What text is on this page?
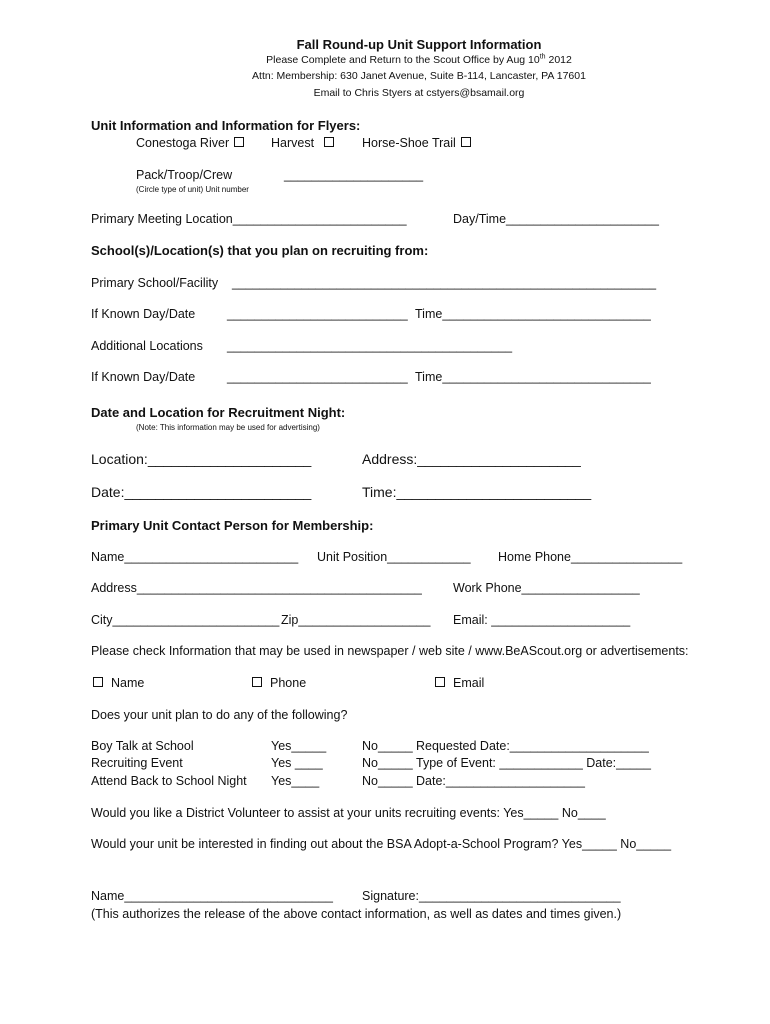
Fall Round-up Unit Support Information
Please Complete and Return to the Scout Office by Aug 10th 2012
Attn: Membership: 630 Janet Avenue, Suite B-114, Lancaster, PA 17601
Email to Chris Styers at cstyers@bsamail.org
Unit Information and Information for Flyers:
Conestoga River	Harvest	Horse-Shoe Trail
Pack/Troop/Crew	____________________
(Circle type of unit) Unit number
Primary Meeting Location_________________________	Day/Time______________________
School(s)/Location(s) that you plan on recruiting from:
Primary School/Facility _____________________________________________________________
If Known Day/Date	__________________________ Time______________________________
Additional Locations _________________________________________
If Known Day/Date	__________________________ Time______________________________
Date and Location for Recruitment Night:
(Note: This information may be used for advertising)
Location:_____________________	Address:_____________________
Date:________________________	Time:_________________________
Primary Unit Contact Person for Membership:
Name_________________________ Unit Position____________ Home Phone________________
Address_________________________________________ Work Phone_________________
City________________________ Zip___________________ Email: ____________________
Please check Information that may be used in newspaper / web site / www.BeAScout.org or advertisements:
Name	Phone	Email
Does your unit plan to do any of the following?
Boy Talk at School	Yes_____	No_____ Requested Date:____________________
Recruiting Event	Yes ____	No_____ Type of Event: ____________ Date:_____
Attend Back to School Night Yes____	No_____ Date:____________________
Would you like a District Volunteer to assist at your units recruiting events: Yes_____ No____
Would your unit be interested in finding out about the BSA Adopt-a-School Program? Yes_____ No_____
Name______________________________ Signature:_____________________________
(This authorizes the release of the above contact information, as well as dates and times given.)
